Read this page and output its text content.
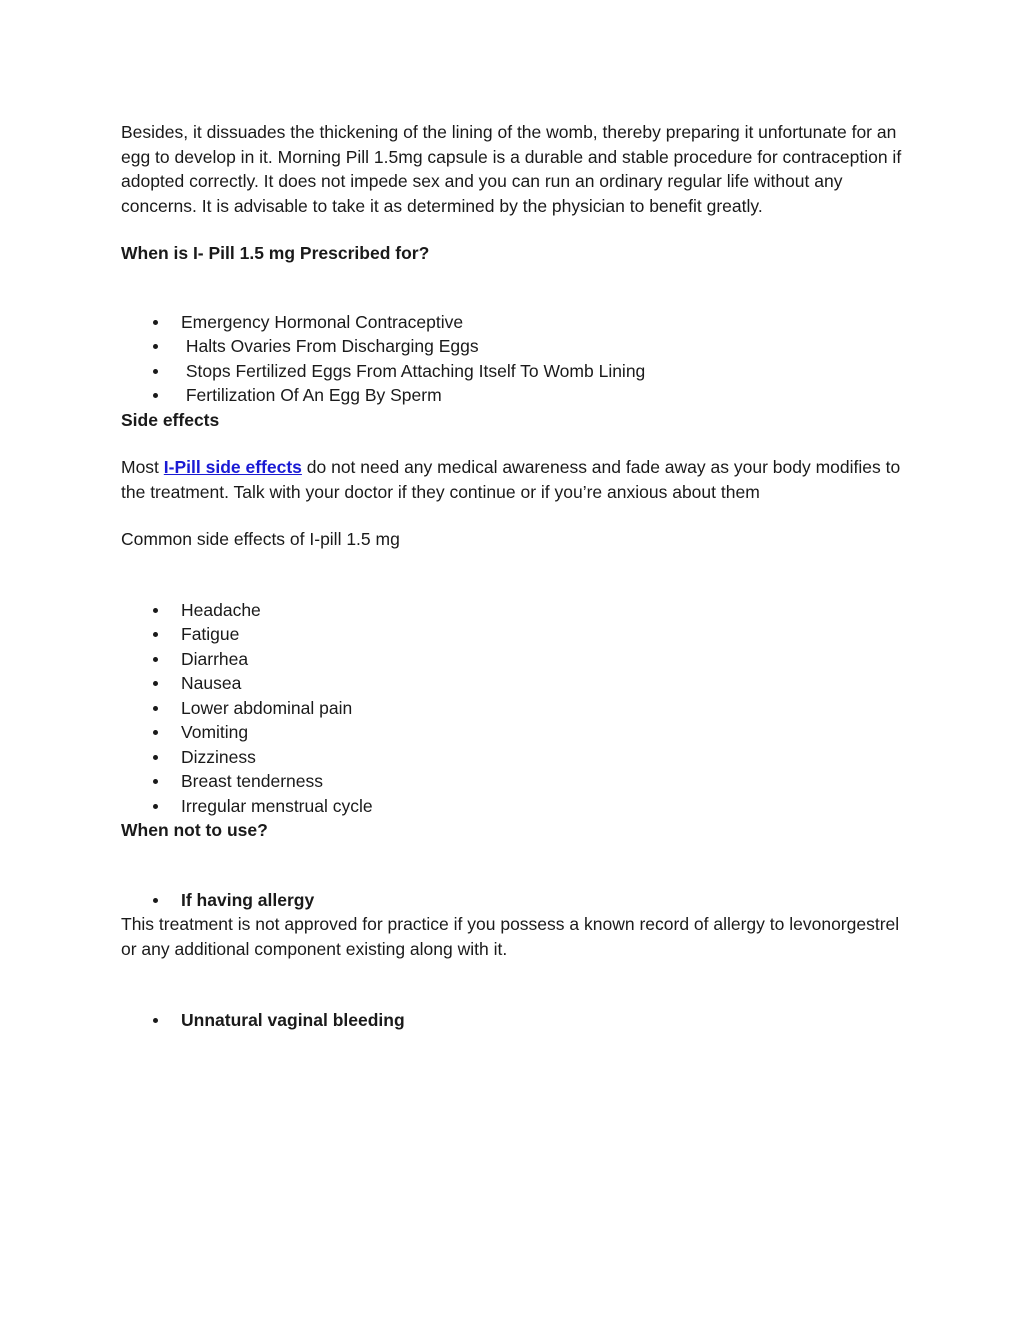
Besides, it dissuades the thickening of the lining of the womb, thereby preparing it unfortunate for an egg to develop in it. Morning Pill 1.5mg capsule is a durable and stable procedure for contraception if adopted correctly. It does not impede sex and you can run an ordinary regular life without any concerns. It is advisable to take it as determined by the physician to benefit greatly.

When is I- Pill 1.5 mg Prescribed for?

Emergency Hormonal Contraceptive
Halts Ovaries From Discharging Eggs
Stops Fertilized Eggs From Attaching Itself To Womb Lining
Fertilization Of An Egg By Sperm

Side effects

Most I-Pill side effects do not need any medical awareness and fade away as your body modifies to the treatment. Talk with your doctor if they continue or if you’re anxious about them

Common side effects of I-pill 1.5 mg

Headache
Fatigue
Diarrhea
Nausea
Lower abdominal pain
Vomiting
Dizziness
Breast tenderness
Irregular menstrual cycle

When not to use?

If having allergy

This treatment is not approved for practice if you possess a known record of allergy to levonorgestrel or any additional component existing along with it.

Unnatural vaginal bleeding
